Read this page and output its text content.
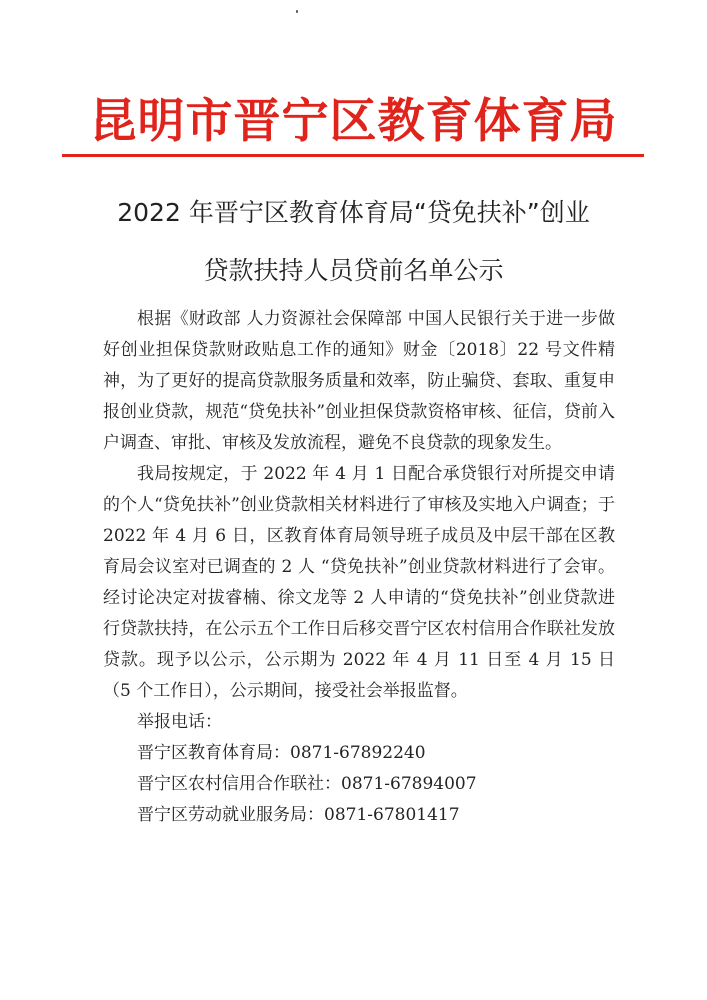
昆明市晋宁区教育体育局
2022 年晋宁区教育体育局“贷免扶补”创业
贷款扶持人员贷前名单公示

根据《财政部 人力资源社会保障部 中国人民银行关于进一步做好创业担保贷款财政贴息工作的通知》财金〔2018〕22 号文件精神，为了更好的提高贷款服务质量和效率，防止骗贷、套取、重复申报创业贷款，规范“贷免扶补”创业担保贷款资格审核、征信，贷前入户调查、审批、审核及发放流程，避免不良贷款的现象发生。

我局按规定，于 2022 年 4 月 1 日配合承贷银行对所提交申请的个人“贷免扶补”创业贷款相关材料进行了审核及实地入户调查；于 2022 年 4 月 6 日，区教育体育局领导班子成员及中层干部在区教育局会议室对已调查的 2 人 “贷免扶补”创业贷款材料进行了会审。经讨论决定对拔睿楠、徐文龙等 2 人申请的“贷免扶补”创业贷款进行贷款扶持，在公示五个工作日后移交晋宁区农村信用合作联社发放贷款。现予以公示，公示期为 2022 年 4 月 11 日至 4 月 15 日（5 个工作日），公示期间，接受社会举报监督。

举报电话：

晋宁区教育体育局：0871-67892240
晋宁区农村信用合作联社：0871-67894007
晋宁区劳动就业服务局：0871-67801417
